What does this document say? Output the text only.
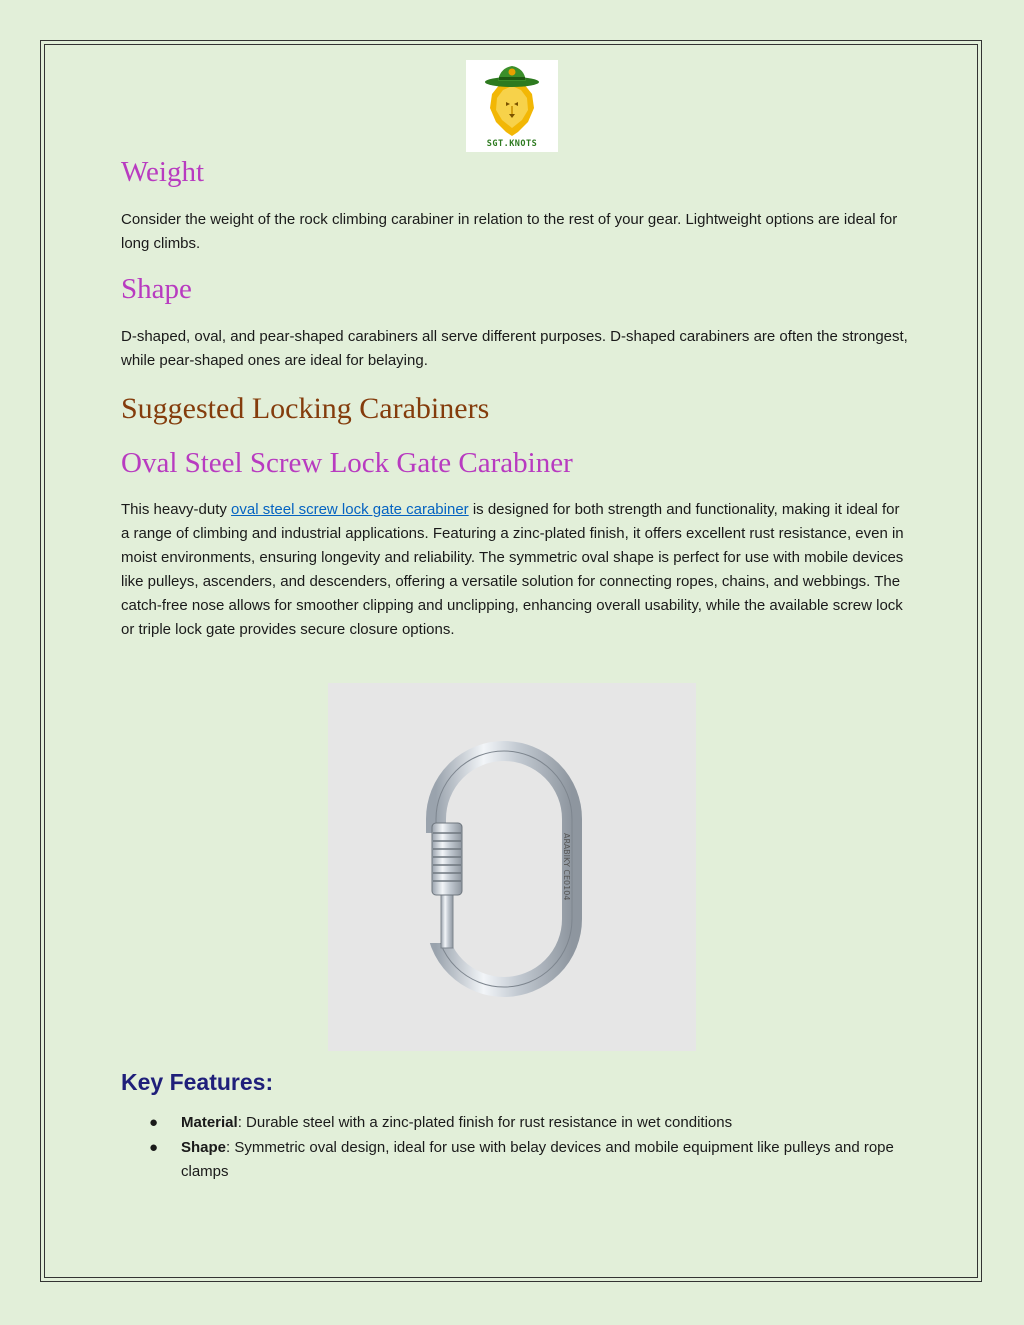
SGT.KNOTS
Weight

Consider the weight of the rock climbing carabiner in relation to the rest of your gear. Lightweight options are ideal for long climbs.

Shape

D-shaped, oval, and pear-shaped carabiners all serve different purposes. D-shaped carabiners are often the strongest, while pear-shaped ones are ideal for belaying.

Suggested Locking Carabiners
Oval Steel Screw Lock Gate Carabiner

This heavy-duty oval steel screw lock gate carabiner is designed for both strength and functionality, making it ideal for a range of climbing and industrial applications. Featuring a zinc-plated finish, it offers excellent rust resistance, even in moist environments, ensuring longevity and reliability. The symmetric oval shape is perfect for use with mobile devices like pulleys, ascenders, and descenders, offering a versatile solution for connecting ropes, chains, and webbings. The catch-free nose allows for smoother clipping and unclipping, enhancing overall usability, while the available screw lock or triple lock gate provides secure closure options.

ARABIKY CE0104
Key Features:
● Material: Durable steel with a zinc-plated finish for rust resistance in wet conditions
● Shape: Symmetric oval design, ideal for use with belay devices and mobile equipment like pulleys and rope clamps
